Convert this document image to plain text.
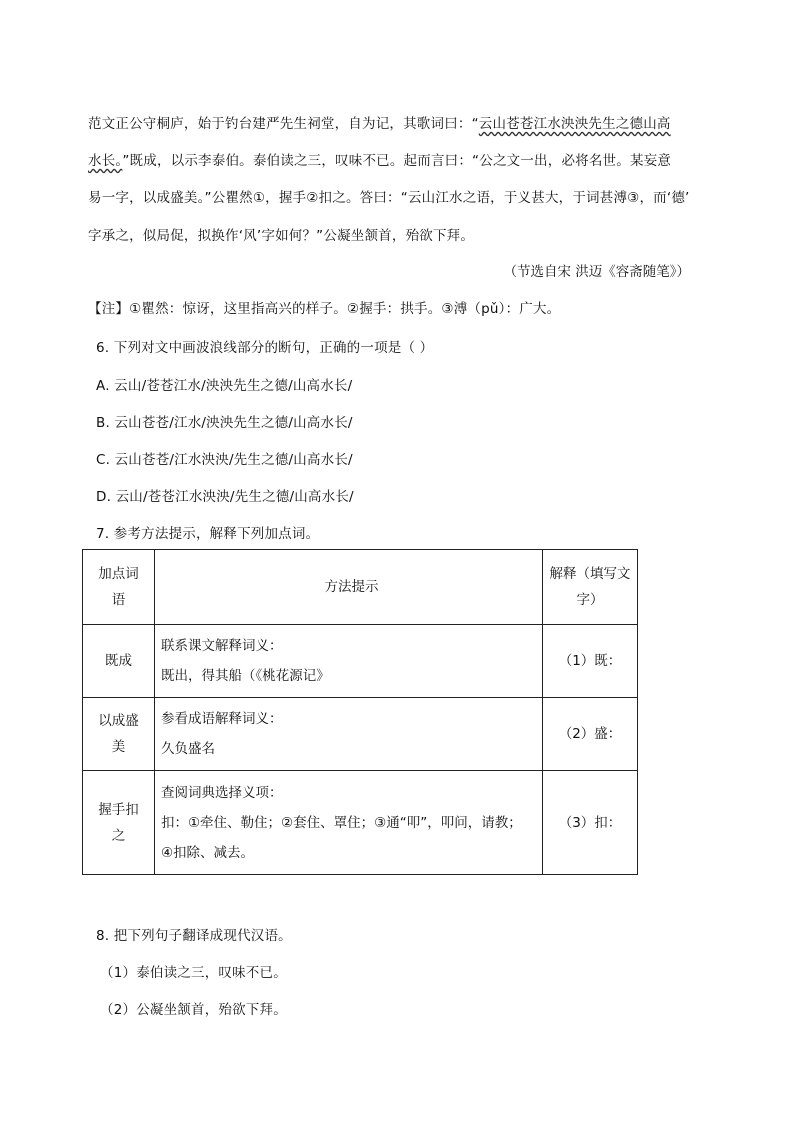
范文正公守桐庐，始于钓台建严先生祠堂，自为记，其歌词曰：“云山苍苍江水泱泱先生之德山高
水长。”既成，以示李泰伯。泰伯读之三，叹味不已。起而言曰：“公之文一出，必将名世。某妄意
易一字，以成盛美。”公瞿然①，握手②扣之。答曰：“云山江水之语，于义甚大，于词甚溥③，而‘德’
字承之，似局促，拟换作‘风’字如何？”公凝坐颔首，殆欲下拜。
（节选自宋 洪迈《容斋随笔》）
【注】①瞿然：惊讶，这里指高兴的样子。②握手：拱手。③溥（pǔ）：广大。
6. 下列对文中画波浪线部分的断句，正确的一项是（ ）
A. 云山/苍苍江水/泱泱先生之德/山高水长/
B. 云山苍苍/江水/泱泱先生之德/山高水长/
C. 云山苍苍/江水泱泱/先生之德/山高水长/
D. 云山/苍苍江水泱泱/先生之德/山高水长/
7. 参考方法提示，解释下列加点词。
加点词
语	方法提示	解释（填写文
字）
既成	联系课文解释词义：
既出，得其船（《桃花源记》	（1）既：
以成盛
美	参看成语解释词义：
久负盛名	（2）盛：
握手扣
之	查阅词典选择义项：
扣：①牵住、勒住；②套住、罩住；③通“叩”，叩问，请教；
④扣除、减去。	（3）扣：
8. 把下列句子翻译成现代汉语。
（1）泰伯读之三，叹味不已。
（2）公凝坐颔首，殆欲下拜。
